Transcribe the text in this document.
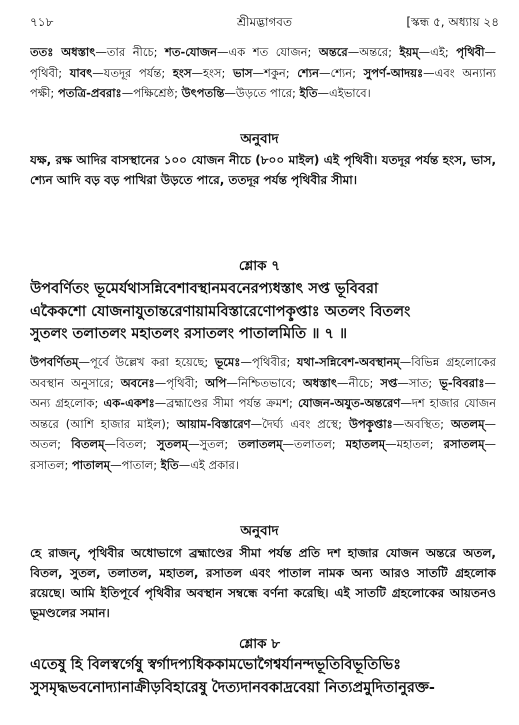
৭১৮	শ্রীমদ্ভাগবত	[স্কন্ধ ৫, অধ্যায় ২৪
ততঃ অধস্তাৎ—তার নীচে; শত-যোজন—এক শত যোজন; অন্তরে—অন্তরে; ইয়ম্—এই; পৃথিবী—পৃথিবী; যাবৎ—যতদূর পর্যন্ত; হংস—হংস; ভাস—শকুন; শ্যেন—শ্যেন; সুপর্ণ-আদয়ঃ—এবং অন্যান্য পক্ষী; পতত্রি-প্রবরাঃ—পক্ষিশ্রেষ্ঠ; উৎপতন্তি—উড়তে পারে; ইতি—এইভাবে।
অনুবাদ
যক্ষ, রক্ষ আদির বাসস্থানের ১০০ যোজন নীচে (৮০০ মাইল) এই পৃথিবী। যতদূর পর্যন্ত হংস, ভাস, শ্যেন আদি বড় বড় পাখিরা উড়তে পারে, ততদূর পর্যন্ত পৃথিবীর সীমা।
শ্লোক ৭
উপবর্ণিতং ভূমের্যথাসন্নিবেশাবস্থানমবনেরপ্যধস্তাৎ সপ্ত ভূবিবরা
একৈকশো যোজনাযুতান্তরেণায়ামবিস্তারেণোপকৢপ্তাঃ অতলং বিতলং
সুতলং তলাতলং মহাতলং রসাতলং পাতালমিতি ॥ ৭ ॥
উপবর্ণিতম্—পূর্বে উল্লেখ করা হয়েছে; ভূমেঃ—পৃথিবীর; যথা-সন্নিবেশ-অবস্থানম্—বিভিন্ন গ্রহলোকের অবস্থান অনুসারে; অবনেঃ—পৃথিবী; অপি—নিশ্চিতভাবে; অধস্তাৎ—নীচে; সপ্ত—সাত; ভূ-বিবরাঃ—অন্য গ্রহলোক; এক-একশঃ—ব্রহ্মাণ্ডের সীমা পর্যন্ত ক্রমশ; যোজন-অযুত-অন্তরেণ—দশ হাজার যোজন অন্তরে (আশি হাজার মাইল); আয়াম-বিস্তারেণ—দৈর্ঘ্য এবং প্রস্থে; উপকৢপ্তাঃ—অবস্থিত; অতলম্—অতল; বিতলম্—বিতল; সুতলম্—সুতল; তলাতলম্—তলাতল; মহাতলম্—মহাতল; রসাতলম্—রসাতল; পাতালম্—পাতাল; ইতি—এই প্রকার।
অনুবাদ
হে রাজন্, পৃথিবীর অধোভাগে ব্রহ্মাণ্ডের সীমা পর্যন্ত প্রতি দশ হাজার যোজন অন্তরে অতল, বিতল, সুতল, তলাতল, মহাতল, রসাতল এবং পাতাল নামক অন্য আরও সাতটি গ্রহলোক রয়েছে। আমি ইতিপূর্বে পৃথিবীর অবস্থান সম্বন্ধে বর্ণনা করেছি। এই সাতটি গ্রহলোকের আয়তনও ভূমণ্ডলের সমান।
শ্লোক ৮
এতেষু হি বিলস্বর্গেষু স্বর্গাদপ্যধিককামভোগৈশ্বর্যানন্দভূতিবিভূতিভিঃ
সুসমৃদ্ধভবনোদ্যানাক্রীড়বিহারেষু দৈত্যদানবকাদ্রবেয়া নিত্যপ্রমুদিতানুরক্ত-
